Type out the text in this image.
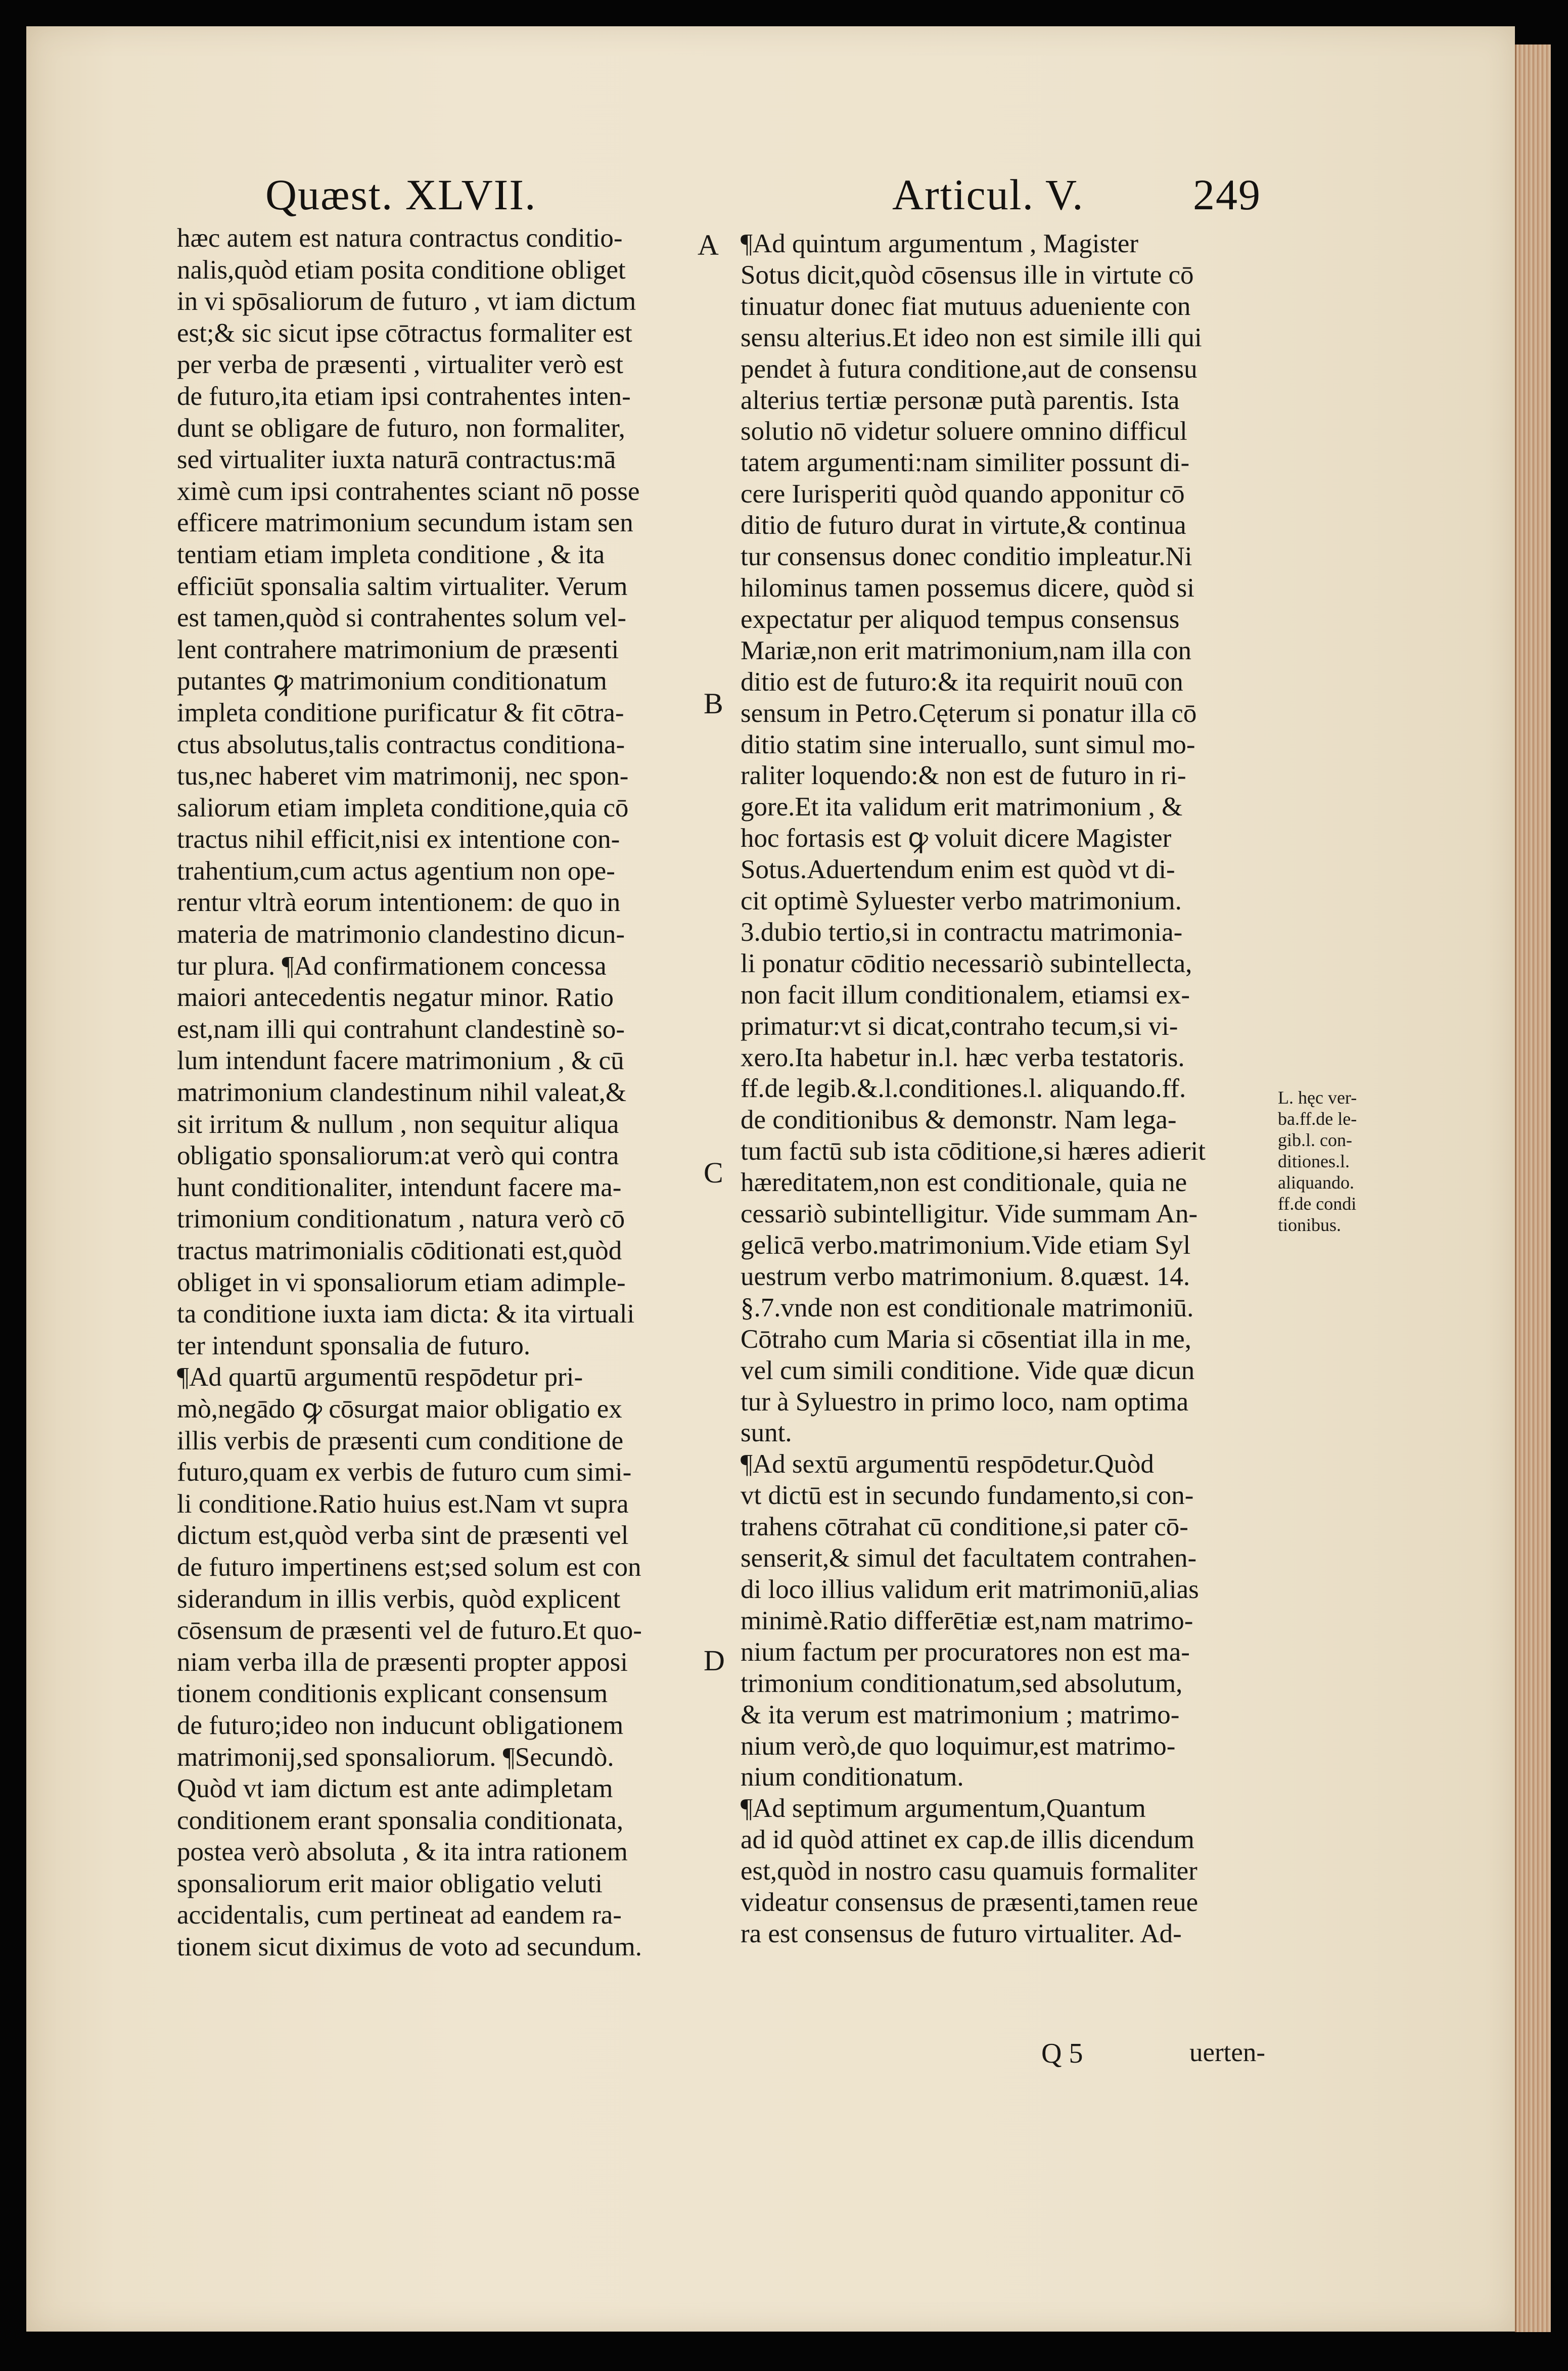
Quæst. XLVII.	Articul. V.	249
A
B
C
D
hæc autem est natura contractus conditio-
nalis,quòd etiam posita conditione obliget
in vi spōsaliorum de futuro , vt iam dictum
est;& sic sicut ipse cōtractus formaliter est
per verba de præsenti , virtualiter verò est
de futuro,ita etiam ipsi contrahentes inten-
dunt se obligare de futuro, non formaliter,
sed virtualiter iuxta naturā contractus:mā
ximè cum ipsi contrahentes sciant nō posse
efficere matrimonium secundum istam sen
tentiam etiam impleta conditione , & ita
efficiūt sponsalia saltim virtualiter. Verum
est tamen,quòd si contrahentes solum vel-
lent contrahere matrimonium de præsenti
putantes ꝙ matrimonium conditionatum
impleta conditione purificatur & fit cōtra-
ctus absolutus,talis contractus conditiona-
tus,nec haberet vim matrimonij, nec spon-
saliorum etiam impleta conditione,quia cō
tractus nihil efficit,nisi ex intentione con-
trahentium,cum actus agentium non ope-
rentur vltrà eorum intentionem: de quo in
materia de matrimonio clandestino dicun-
tur plura. ¶Ad confirmationem concessa
maiori antecedentis negatur minor. Ratio
est,nam illi qui contrahunt clandestinè so-
lum intendunt facere matrimonium , & cū
matrimonium clandestinum nihil valeat,&
sit irritum & nullum , non sequitur aliqua
obligatio sponsaliorum:at verò qui contra
hunt conditionaliter, intendunt facere ma-
trimonium conditionatum , natura verò cō
tractus matrimonialis cōditionati est,quòd
obliget in vi sponsaliorum etiam adimple-
ta conditione iuxta iam dicta: & ita virtuali
ter intendunt sponsalia de futuro.
¶Ad quartū argumentū respōdetur pri-
mò,negādo ꝙ cōsurgat maior obligatio ex
illis verbis de præsenti cum conditione de
futuro,quam ex verbis de futuro cum simi-
li conditione.Ratio huius est.Nam vt supra
dictum est,quòd verba sint de præsenti vel
de futuro impertinens est;sed solum est con
siderandum in illis verbis, quòd explicent
cōsensum de præsenti vel de futuro.Et quo-
niam verba illa de præsenti propter apposi
tionem conditionis explicant consensum
de futuro;ideo non inducunt obligationem
matrimonij,sed sponsaliorum. ¶Secundò.
Quòd vt iam dictum est ante adimpletam
conditionem erant sponsalia conditionata,
postea verò absoluta , & ita intra rationem
sponsaliorum erit maior obligatio veluti
accidentalis, cum pertineat ad eandem ra-
tionem sicut diximus de voto ad secundum.
¶Ad quintum argumentum , Magister
Sotus dicit,quòd cōsensus ille in virtute cō
tinuatur donec fiat mutuus adueniente con
sensu alterius.Et ideo non est simile illi qui
pendet à futura conditione,aut de consensu
alterius tertiæ personæ putà parentis. Ista
solutio nō videtur soluere omnino difficul
tatem argumenti:nam similiter possunt di-
cere Iurisperiti quòd quando apponitur cō
ditio de futuro durat in virtute,& continua
tur consensus donec conditio impleatur.Ni
hilominus tamen possemus dicere, quòd si
expectatur per aliquod tempus consensus
Mariæ,non erit matrimonium,nam illa con
ditio est de futuro:& ita requirit nouū con
sensum in Petro.Cęterum si ponatur illa cō
ditio statim sine interuallo, sunt simul mo-
raliter loquendo:& non est de futuro in ri-
gore.Et ita validum erit matrimonium , &
hoc fortasis est ꝙ voluit dicere Magister
Sotus.Aduertendum enim est quòd vt di-
cit optimè Syluester verbo matrimonium.
3.dubio tertio,si in contractu matrimonia-
li ponatur cōditio necessariò subintellecta,
non facit illum conditionalem, etiamsi ex-
primatur:vt si dicat,contraho tecum,si vi-
xero.Ita habetur in.l. hæc verba testatoris.
ff.de legib.&.l.conditiones.l. aliquando.ff.
de conditionibus & demonstr. Nam lega-
tum factū sub ista cōditione,si hæres adierit
hæreditatem,non est conditionale, quia ne
cessariò subintelligitur. Vide summam An-
gelicā verbo.matrimonium.Vide etiam Syl
uestrum verbo matrimonium. 8.quæst. 14.
§.7.vnde non est conditionale matrimoniū.
Cōtraho cum Maria si cōsentiat illa in me,
vel cum simili conditione. Vide quæ dicun
tur à Syluestro in primo loco, nam optima
sunt.
¶Ad sextū argumentū respōdetur.Quòd
vt dictū est in secundo fundamento,si con-
trahens cōtrahat cū conditione,si pater cō-
senserit,& simul det facultatem contrahen-
di loco illius validum erit matrimoniū,alias
minimè.Ratio differētiæ est,nam matrimo-
nium factum per procuratores non est ma-
trimonium conditionatum,sed absolutum,
& ita verum est matrimonium ; matrimo-
nium verò,de quo loquimur,est matrimo-
nium conditionatum.
¶Ad septimum argumentum,Quantum
ad id quòd attinet ex cap.de illis dicendum
est,quòd in nostro casu quamuis formaliter
videatur consensus de præsenti,tamen reue
ra est consensus de futuro virtualiter. Ad-
L. hęc ver-
ba.ff.de le-
gib.l. con-
ditiones.l.
aliquando.
ff.de condi
tionibus.
Q 5	uerten-
